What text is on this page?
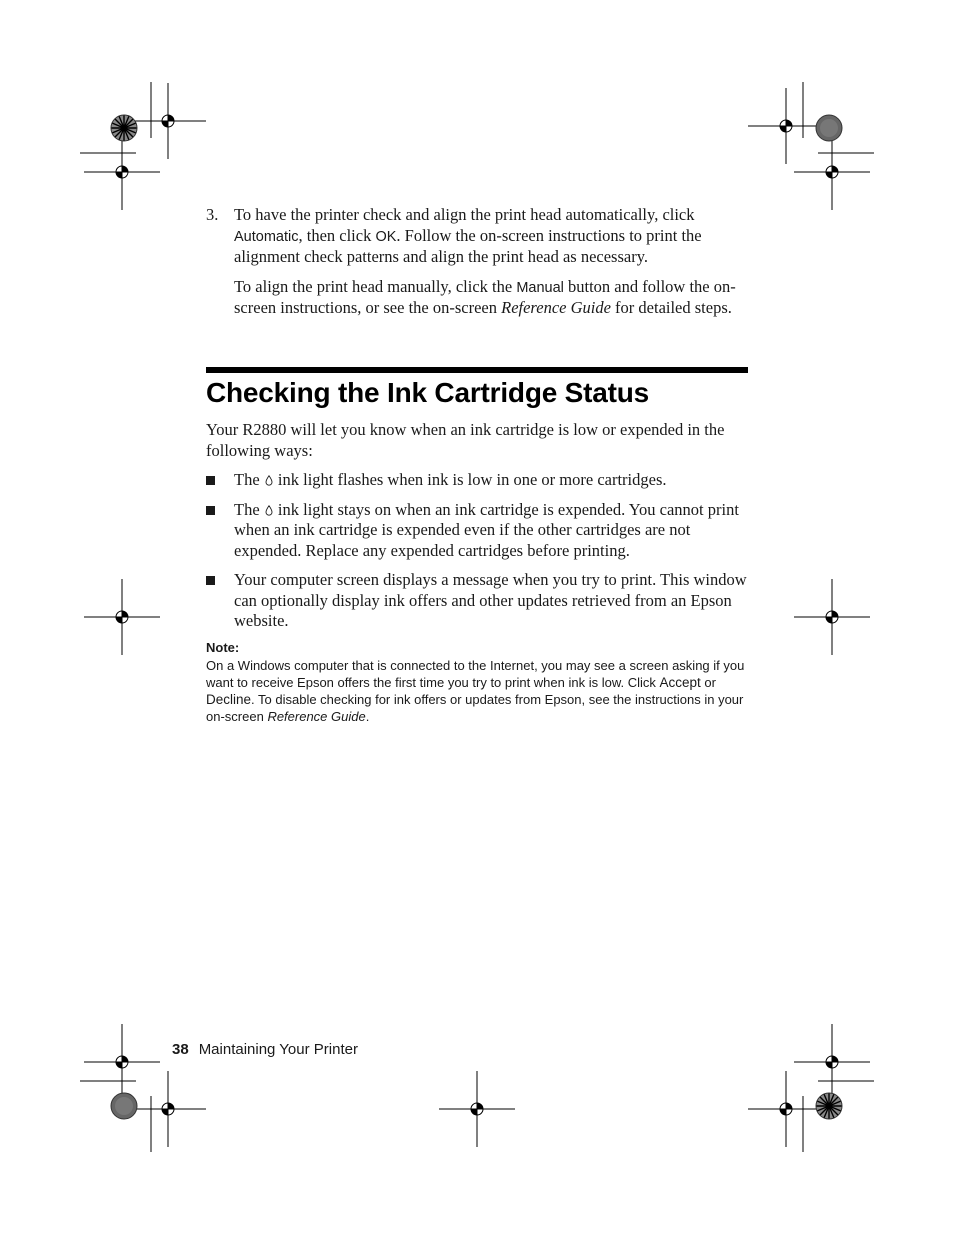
3. To have the printer check and align the print head automatically, click Automatic, then click OK. Follow the on-screen instructions to print the alignment check patterns and align the print head as necessary.

To align the print head manually, click the Manual button and follow the on-screen instructions, or see the on-screen Reference Guide for detailed steps.

Checking the Ink Cartridge Status

Your R2880 will let you know when an ink cartridge is low or expended in the following ways:

The ink light flashes when ink is low in one or more cartridges.
The ink light stays on when an ink cartridge is expended. You cannot print when an ink cartridge is expended even if the other cartridges are not expended. Replace any expended cartridges before printing.
Your computer screen displays a message when you try to print. This window can optionally display ink offers and other updates retrieved from an Epson website.
Note:

On a Windows computer that is connected to the Internet, you may see a screen asking if you want to receive Epson offers the first time you try to print when ink is low. Click Accept or Decline. To disable checking for ink offers or updates from Epson, see the instructions in your on-screen Reference Guide.

38 Maintaining Your Printer
